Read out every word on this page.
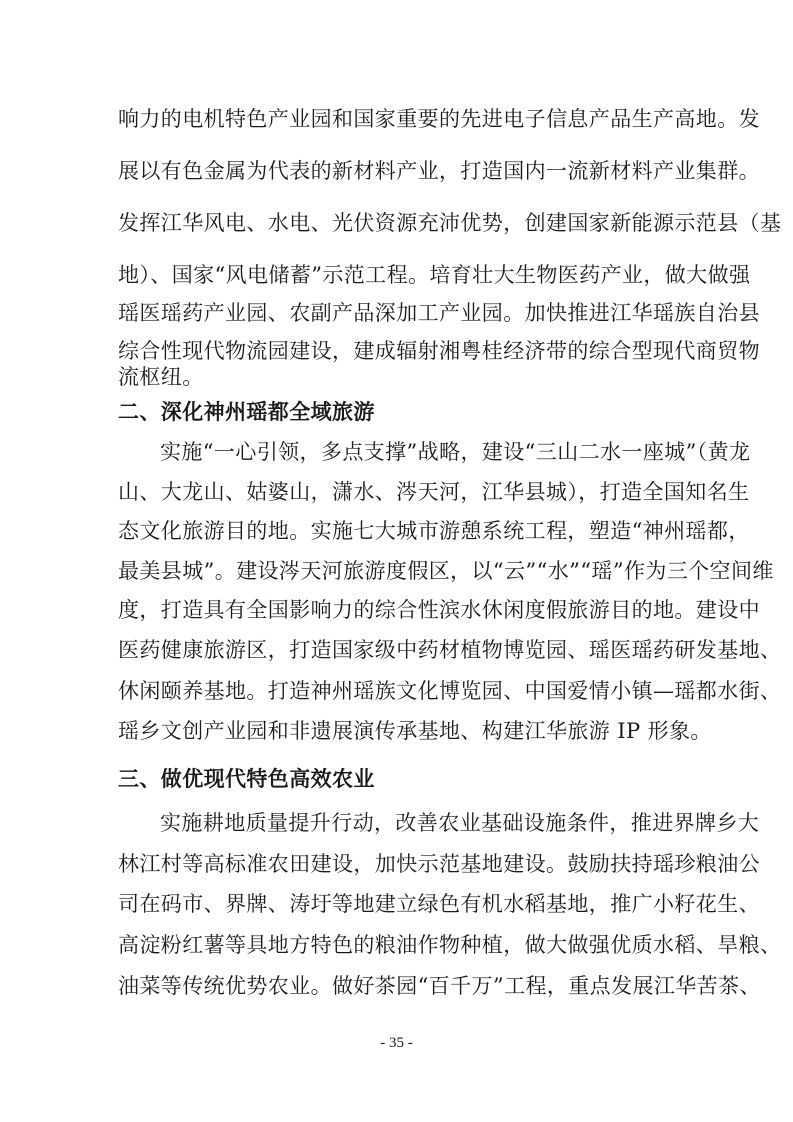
响力的电机特色产业园和国家重要的先进电子信息产品生产高地。发
展以有色金属为代表的新材料产业，打造国内一流新材料产业集群。
发挥江华风电、水电、光伏资源充沛优势，创建国家新能源示范县（基
地）、国家“风电储蓄”示范工程。培育壮大生物医药产业，做大做强
瑶医瑶药产业园、农副产品深加工产业园。加快推进江华瑶族自治县
综合性现代物流园建设，建成辐射湘粤桂经济带的综合型现代商贸物
流枢纽。
二、深化神州瑶都全域旅游
实施“一心引领，多点支撑”战略，建设“三山二水一座城”（黄龙
山、大龙山、姑婆山，潇水、涔天河，江华县城），打造全国知名生
态文化旅游目的地。实施七大城市游憩系统工程，塑造“神州瑶都，
最美县城”。建设涔天河旅游度假区，以“云”“水”“瑶”作为三个空间维
度，打造具有全国影响力的综合性滨水休闲度假旅游目的地。建设中
医药健康旅游区，打造国家级中药材植物博览园、瑶医瑶药研发基地、
休闲颐养基地。打造神州瑶族文化博览园、中国爱情小镇—瑶都水街、
瑶乡文创产业园和非遗展演传承基地、构建江华旅游 IP 形象。
三、做优现代特色高效农业
实施耕地质量提升行动，改善农业基础设施条件，推进界牌乡大
林江村等高标准农田建设，加快示范基地建设。鼓励扶持瑶珍粮油公
司在码市、界牌、涛圩等地建立绿色有机水稻基地，推广小籽花生、
高淀粉红薯等具地方特色的粮油作物种植，做大做强优质水稻、旱粮、
油菜等传统优势农业。做好茶园“百千万”工程，重点发展江华苦茶、
- 35 -
